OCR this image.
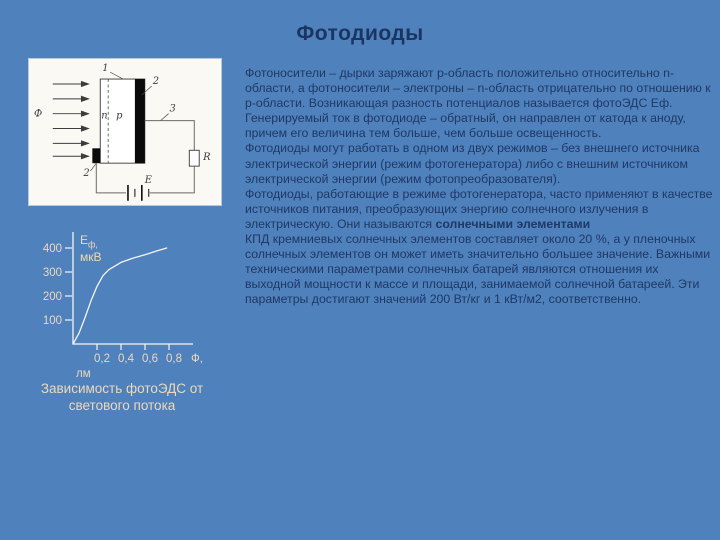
Фотодиоды
Ф	n p
1
2
2
3
R
Е
100
200
300
400
0,2 0,4 0,6 0,8 Ф,
лм
$Е_{ф,}$
мкВ
Зависимость фотоЭДС от светового потока

Фотоносители – дырки заряжают p-область положительно относительно n-области, а фотоносители – электроны – n-область отрицательно по отношению к p-области. Возникающая разность потенциалов называется фотоЭДС Еф. Генерируемый ток в фотодиоде – обратный, он направлен от катода к аноду, причем его величина тем больше, чем больше освещенность.

Фотодиоды могут работать в одном из двух режимов – без внешнего источника электрической энергии (режим фотогенератора) либо с внешним источником электрической энергии (режим фотопреобразователя).

Фотодиоды, работающие в режиме фотогенератора, часто применяют в качестве источников питания, преобразующих энергию солнечного излучения в электрическую. Они называются солнечными элементами

КПД кремниевых солнечных элементов составляет около 20 %, а у пленочных солнечных элементов он может иметь значительно большее значение. Важными техническими параметрами солнечных батарей являются отношения их выходной мощности к массе и площади, занимаемой солнечной батареей. Эти параметры достигают значений 200 Вт/кг и 1 кВт/м2, соответственно.
